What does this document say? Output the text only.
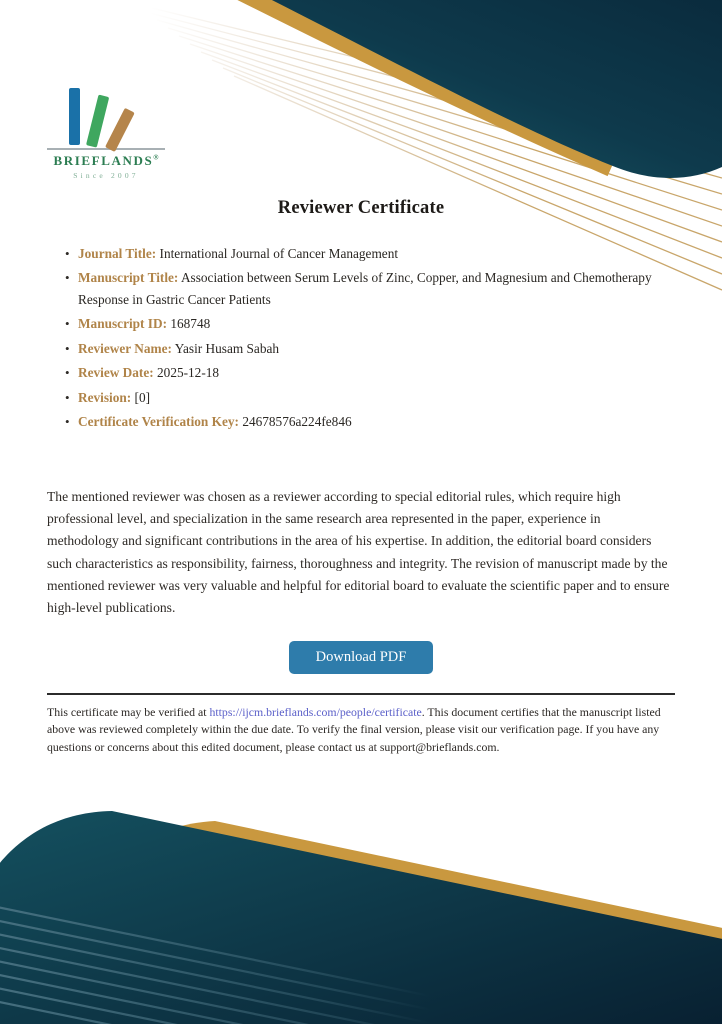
BRIEFLANDS®
Since 2007
Reviewer Certificate
• Journal Title: International Journal of Cancer Management
• Manuscript Title: Association between Serum Levels of Zinc, Copper, and Magnesium and Chemotherapy Response in Gastric Cancer Patients
• Manuscript ID: 168748
• Reviewer Name: Yasir Husam Sabah
• Review Date: 2025-12-18
• Revision: [0]
• Certificate Verification Key: 24678576a224fe846

The mentioned reviewer was chosen as a reviewer according to special editorial rules, which require high professional level, and specialization in the same research area represented in the paper, experience in methodology and significant contributions in the area of his expertise. In addition, the editorial board considers such characteristics as responsibility, fairness, thoroughness and integrity. The revision of manuscript made by the mentioned reviewer was very valuable and helpful for editorial board to evaluate the scientific paper and to ensure high-level publications.

Download PDF

This certificate may be verified at https://ijcm.brieflands.com/people/certificate. This document certifies that the manuscript listed above was reviewed completely within the due date. To verify the final version, please visit our verification page. If you have any questions or concerns about this edited document, please contact us at support@brieflands.com.
